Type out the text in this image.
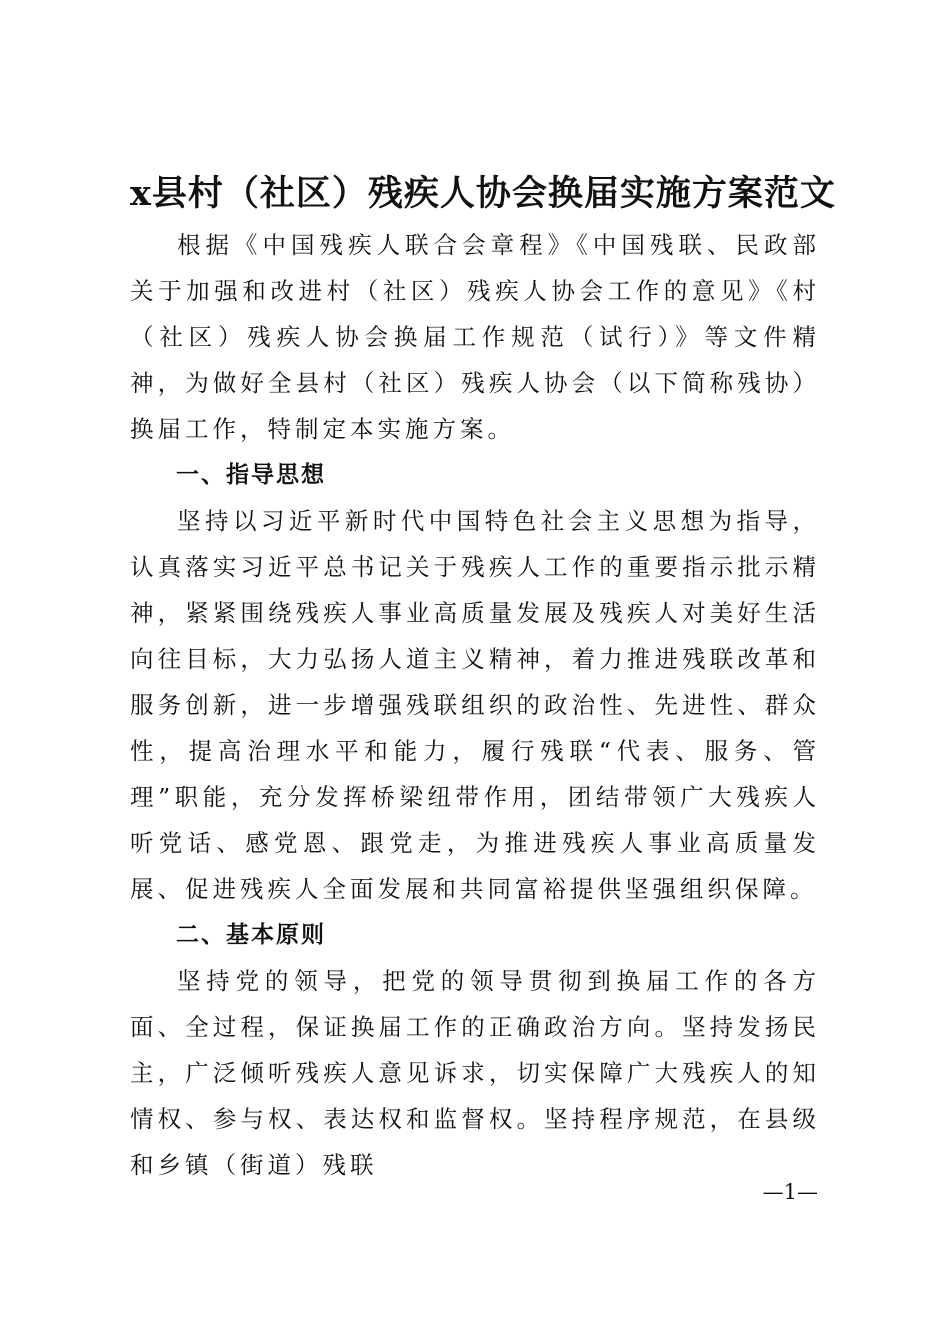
x县村（社区）残疾人协会换届实施方案范文

根据《中国残疾人联合会章程》《中国残联、民政部关于加强和改进村（社区）残疾人协会工作的意见》《村（社区）残疾人协会换届工作规范（试行）》等文件精神，为做好全县村（社区）残疾人协会（以下简称残协）换届工作，特制定本实施方案。

一、指导思想

坚持以习近平新时代中国特色社会主义思想为指导，认真落实习近平总书记关于残疾人工作的重要指示批示精神，紧紧围绕残疾人事业高质量发展及残疾人对美好生活向往目标，大力弘扬人道主义精神，着力推进残联改革和服务创新，进一步增强残联组织的政治性、先进性、群众性，提高治理水平和能力，履行残联“代表、服务、管理”职能，充分发挥桥梁纽带作用，团结带领广大残疾人听党话、感党恩、跟党走，为推进残疾人事业高质量发展、促进残疾人全面发展和共同富裕提供坚强组织保障。

二、基本原则

坚持党的领导，把党的领导贯彻到换届工作的各方面、全过程，保证换届工作的正确政治方向。坚持发扬民主，广泛倾听残疾人意见诉求，切实保障广大残疾人的知情权、参与权、表达权和监督权。坚持程序规范，在县级和乡镇（街道）残联

—1—
